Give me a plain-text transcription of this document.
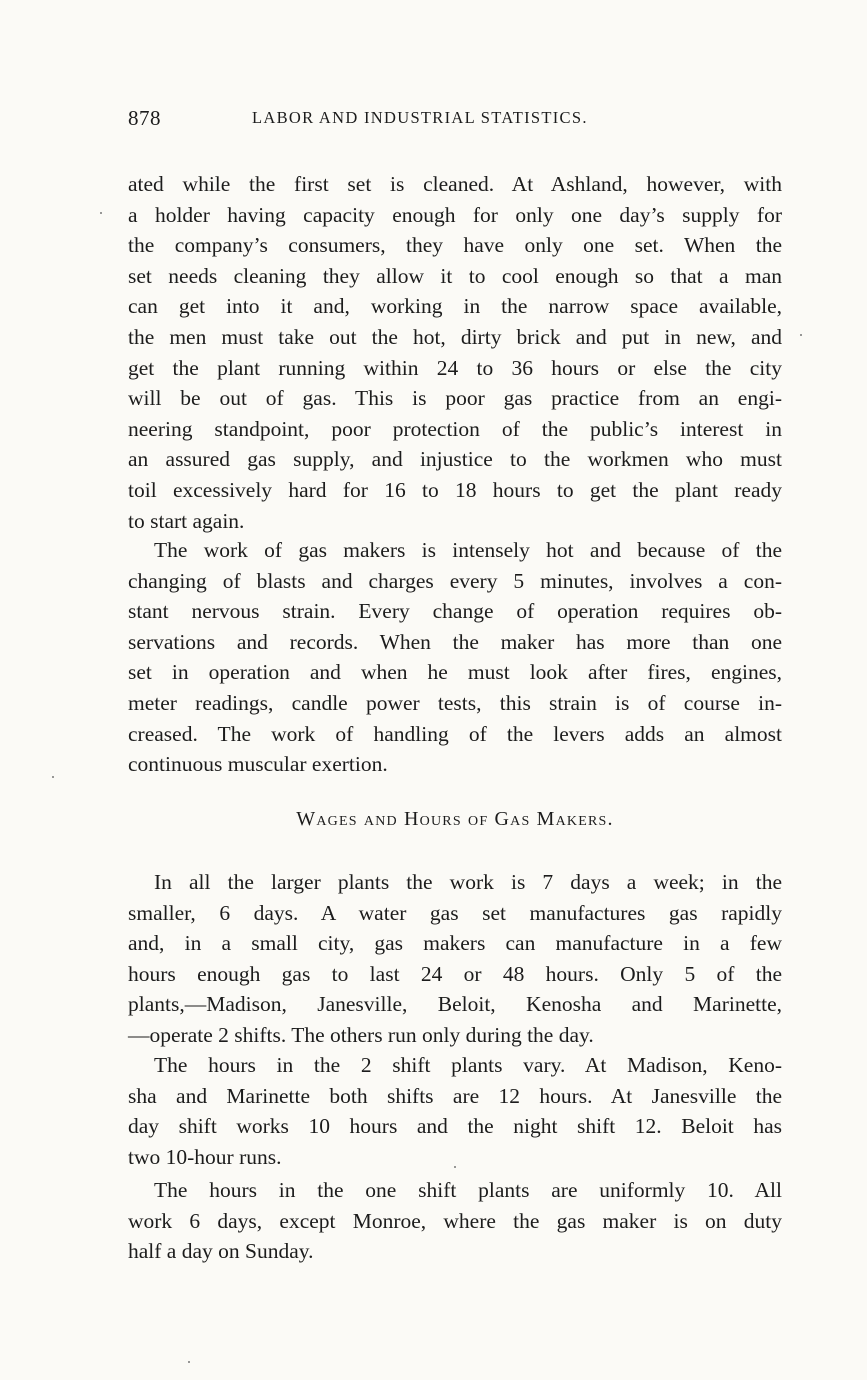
878	LABOR AND INDUSTRIAL STATISTICS.
ated while the first set is cleaned. At Ashland, however, with
a holder having capacity enough for only one day’s supply for
the company’s consumers, they have only one set. When the
set needs cleaning they allow it to cool enough so that a man
can get into it and, working in the narrow space available,
the men must take out the hot, dirty brick and put in new, and
get the plant running within 24 to 36 hours or else the city
will be out of gas. This is poor gas practice from an engi-
neering standpoint, poor protection of the public’s interest in
an assured gas supply, and injustice to the workmen who must
toil excessively hard for 16 to 18 hours to get the plant ready
to start again.
The work of gas makers is intensely hot and because of the
changing of blasts and charges every 5 minutes, involves a con-
stant nervous strain. Every change of operation requires ob-
servations and records. When the maker has more than one
set in operation and when he must look after fires, engines,
meter readings, candle power tests, this strain is of course in-
creased. The work of handling of the levers adds an almost
continuous muscular exertion.
Wages and Hours of Gas Makers.
In all the larger plants the work is 7 days a week; in the
smaller, 6 days. A water gas set manufactures gas rapidly
and, in a small city, gas makers can manufacture in a few
hours enough gas to last 24 or 48 hours. Only 5 of the
plants,—Madison, Janesville, Beloit, Kenosha and Marinette,
—operate 2 shifts. The others run only during the day.
The hours in the 2 shift plants vary. At Madison, Keno-
sha and Marinette both shifts are 12 hours. At Janesville the
day shift works 10 hours and the night shift 12. Beloit has
two 10-hour runs.
The hours in the one shift plants are uniformly 10. All
work 6 days, except Monroe, where the gas maker is on duty
half a day on Sunday.
